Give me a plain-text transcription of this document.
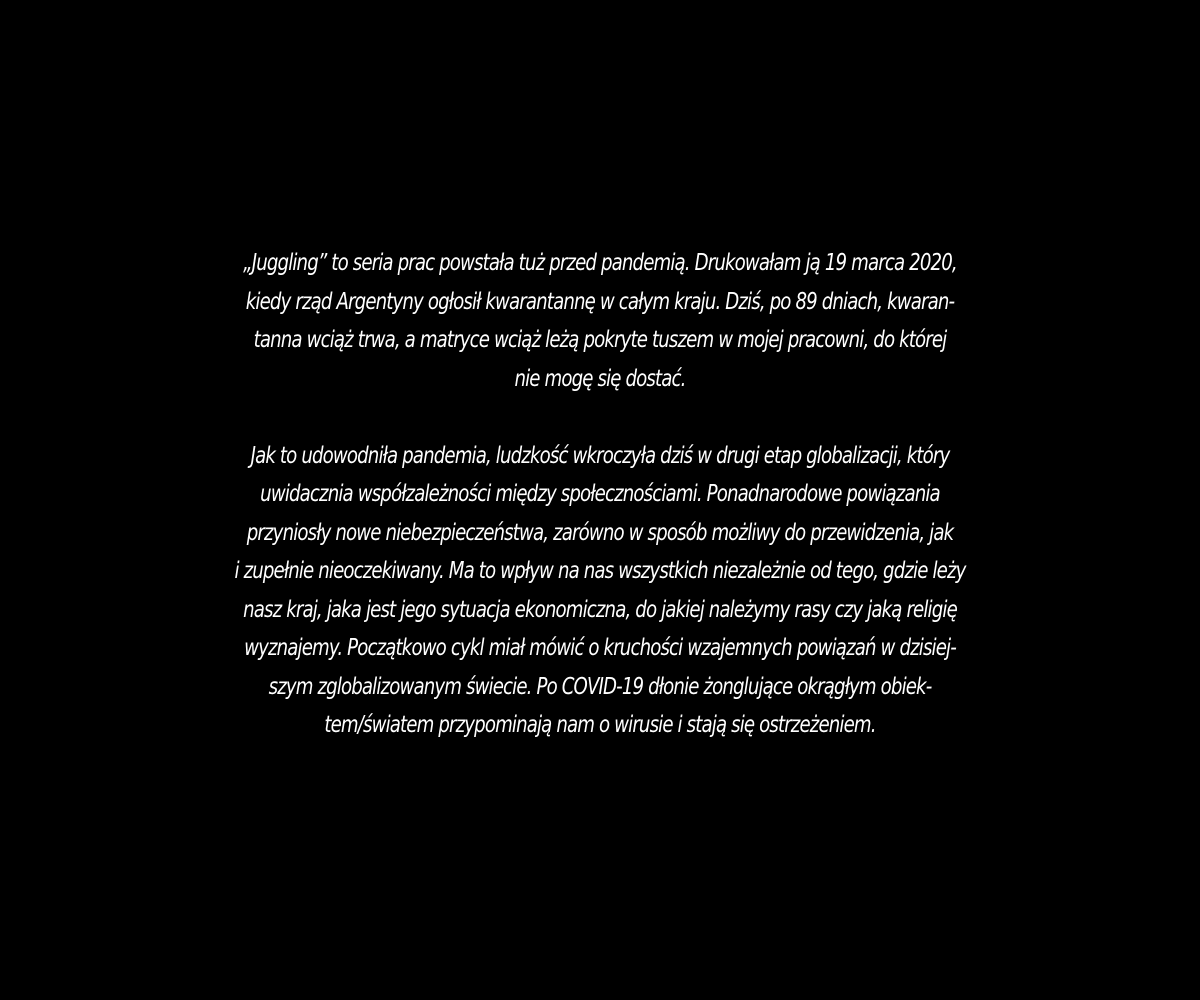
„Juggling” to seria prac powstała tuż przed pandemią. Drukowałam ją 19 marca 2020,
kiedy rząd Argentyny ogłosił kwarantannę w całym kraju. Dziś, po 89 dniach, kwaran-
tanna wciąż trwa, a matryce wciąż leżą pokryte tuszem w mojej pracowni, do której
nie mogę się dostać.
Jak to udowodniła pandemia, ludzkość wkroczyła dziś w drugi etap globalizacji, który
uwidacznia współzależności między społecznościami. Ponadnarodowe powiązania
przyniosły nowe niebezpieczeństwa, zarówno w sposób możliwy do przewidzenia, jak
i zupełnie nieoczekiwany. Ma to wpływ na nas wszystkich niezależnie od tego, gdzie leży
nasz kraj, jaka jest jego sytuacja ekonomiczna, do jakiej należymy rasy czy jaką religię
wyznajemy. Początkowo cykl miał mówić o kruchości wzajemnych powiązań w dzisiej-
szym zglobalizowanym świecie. Po COVID-19 dłonie żonglujące okrągłym obiek-
tem/światem przypominają nam o wirusie i stają się ostrzeżeniem.
